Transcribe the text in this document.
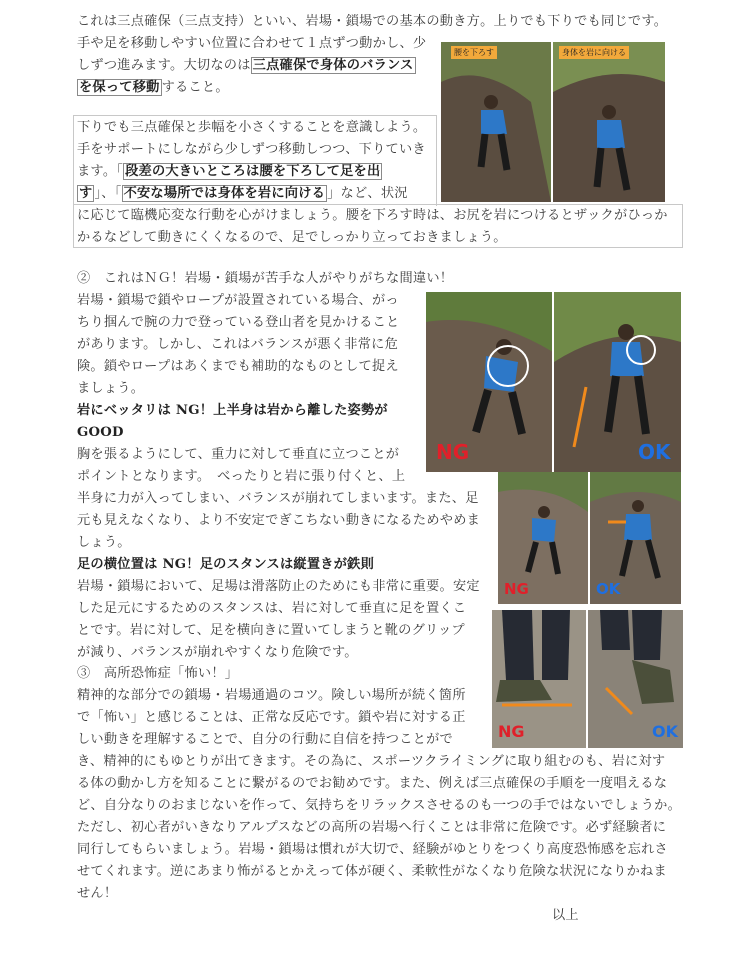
これは三点確保（三点支持）といい、岩場・鎖場での基本の動き方。上りでも下りでも同じです。
手や足を移動しやすい位置に合わせて１点ずつ動かし、少
しずつ進みます。大切なのは 三点確保で身体のバランス
を保って移動 すること。
下りでも三点確保と歩幅を小さくすることを意識しよう。
手をサポートにしながら少しずつ移動しつつ、下りていき
ます。「 段差の大きいところは腰を下ろして足を出
す 」、「 不安な場所では身体を岩に向ける 」など、状況
に応じて臨機応変な行動を心がけましょう。腰を下ろす時は、お尻を岩につけるとザックがひっか
かるなどして動きにくくなるので、足でしっかり立っておきましょう。
腰を下ろす	身体を岩に向ける
②　これはＮＧ！岩場・鎖場が苦手な人がやりがちな間違い！
岩場・鎖場で鎖やロープが設置されている場合、がっ
ちり掴んで腕の力で登っている登山者を見かけること
があります。しかし、これはバランスが悪く非常に危
険。鎖やロープはあくまでも補助的なものとして捉え
ましょう。
岩にベッタリは NG！上半身は岩から離した姿勢が
GOOD
胸を張るようにして、重力に対して垂直に立つことが
ポイントとなります。　べったりと岩に張り付くと、上
半身に力が入ってしまい、バランスが崩れてしまいます。また、足
元も見えなくなり、より不安定でぎこちない動きになるためやめま
しょう。
足の横位置は NG！足のスタンスは縦置きが鉄則
岩場・鎖場において、足場は滑落防止のためにも非常に重要。安定
した足元にするためのスタンスは、岩に対して垂直に足を置くこ
とです。岩に対して、足を横向きに置いてしまうと靴のグリップ
が減り、バランスが崩れやすくなり危険です。
NG	OK
NG	OK
NG	OK
③　高所恐怖症「怖い！」
精神的な部分での鎖場・岩場通過のコツ。険しい場所が続く箇所
で「怖い」と感じることは、正常な反応です。鎖や岩に対する正
しい動きを理解することで、自分の行動に自信を持つことがで
き、精神的にもゆとりが出てきます。その為に、スポーツクライミングに取り組むのも、岩に対す
る体の動かし方を知ることに繋がるのでお勧めです。また、例えば三点確保の手順を一度唱えるな
ど、自分なりのおまじないを作って、気持ちをリラックスさせるのも一つの手ではないでしょうか。
ただし、初心者がいきなりアルプスなどの高所の岩場へ行くことは非常に危険です。必ず経験者に
同行してもらいましょう。岩場・鎖場は慣れが大切で、経験がゆとりをつくり高度恐怖感を忘れさ
せてくれます。逆にあまり怖がるとかえって体が硬く、柔軟性がなくなり危険な状況になりかねま
せん！
以上
